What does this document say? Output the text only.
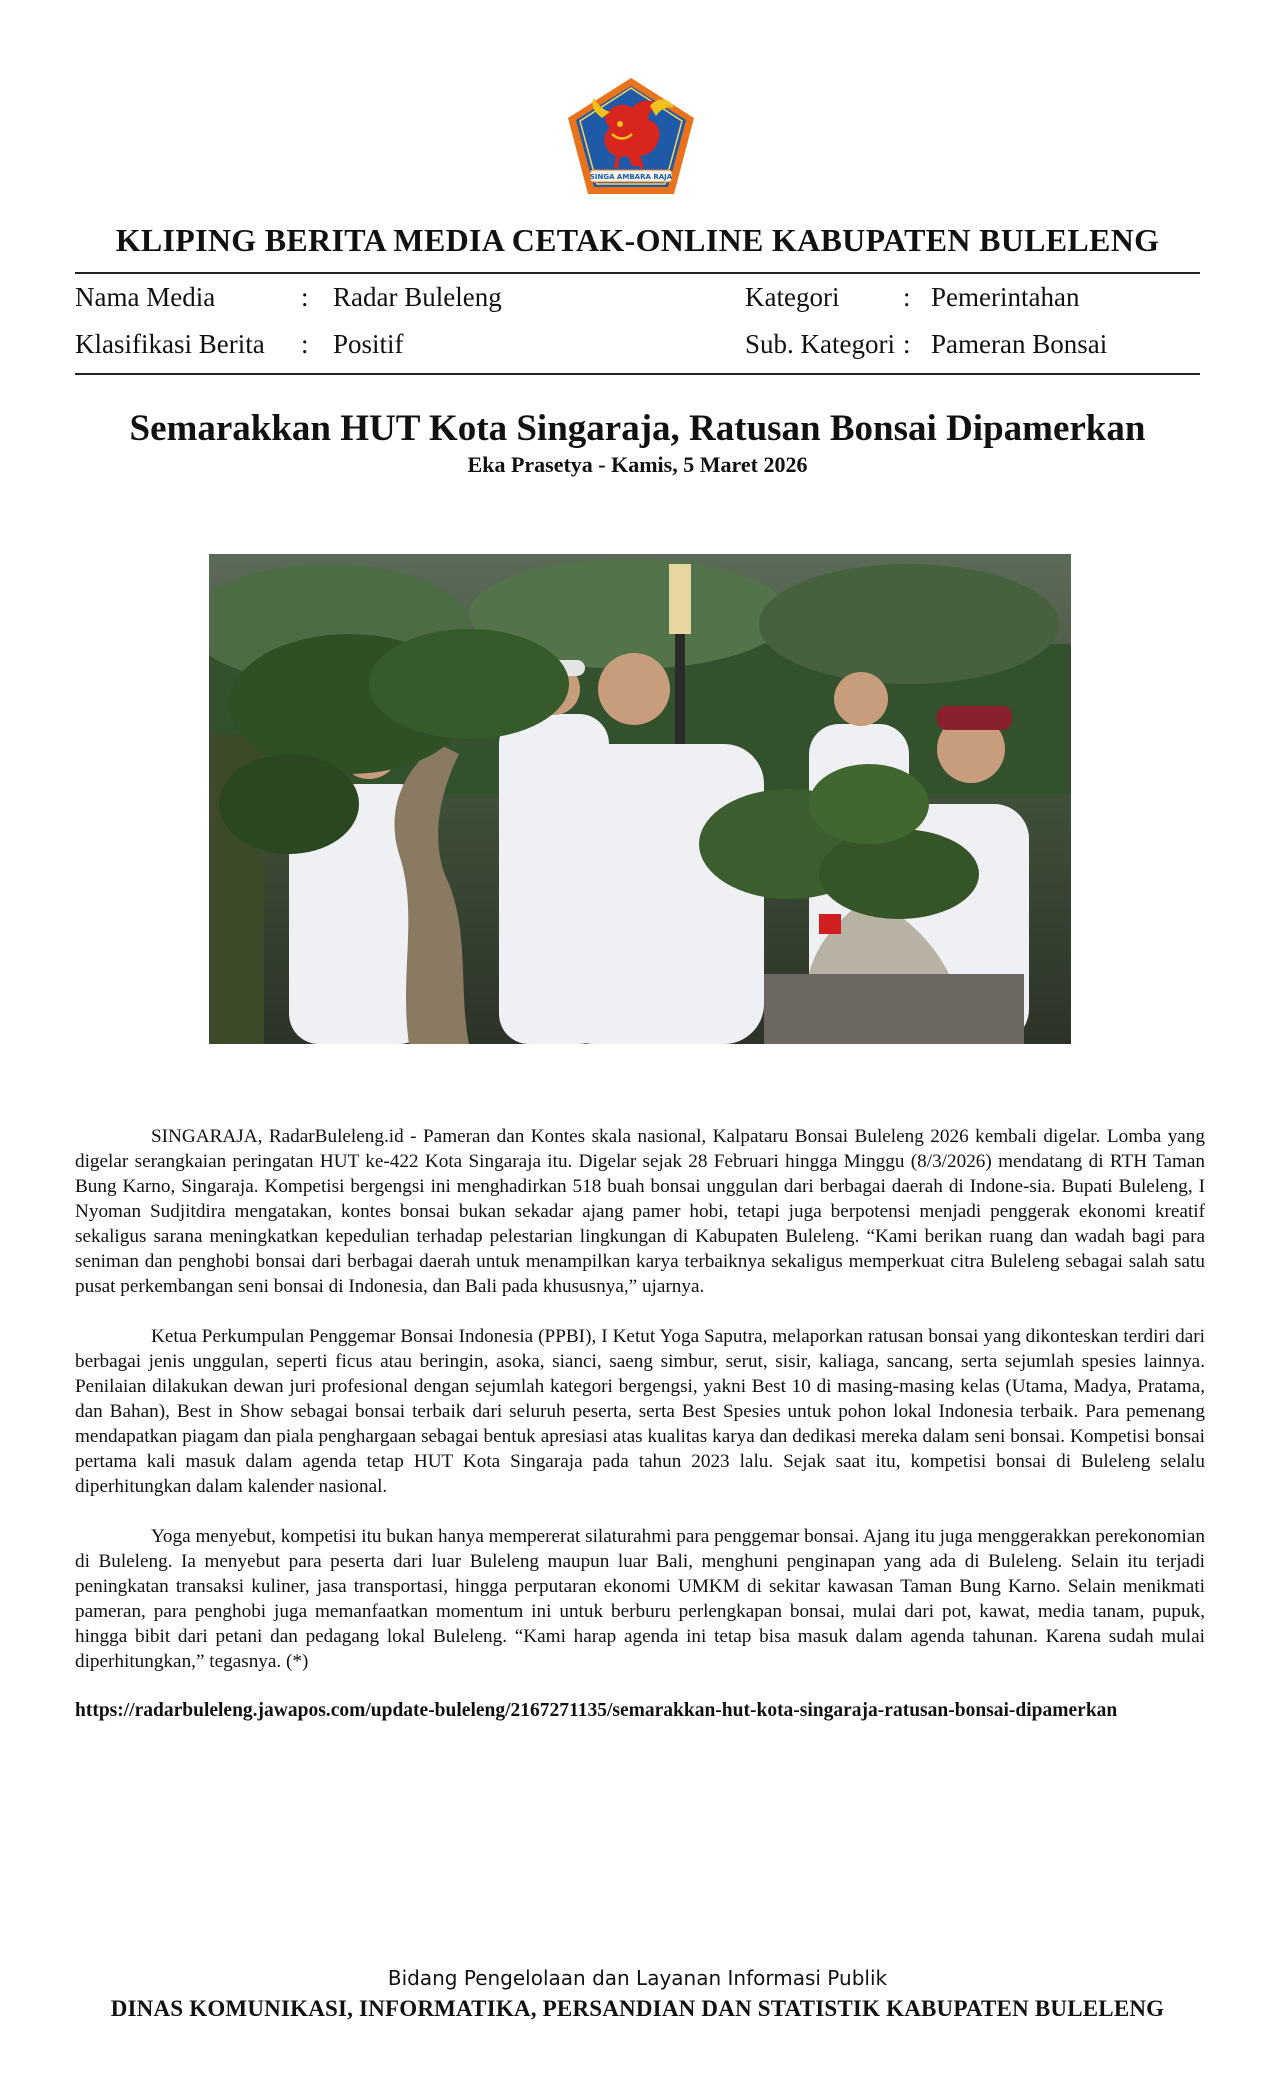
SINGA AMBARA RAJA
KLIPING BERITA MEDIA CETAK-ONLINE KABUPATEN BULELENG
Nama Media	: Radar Buleleng	Kategori : Pemerintahan
Klasifikasi Berita : Positif	Sub. Kategori : Pameran Bonsai
Semarakkan HUT Kota Singaraja, Ratusan Bonsai Dipamerkan
Eka Prasetya - Kamis, 5 Maret 2026

SINGARAJA, RadarBuleleng.id - Pameran dan Kontes skala nasional, Kalpataru Bonsai Buleleng 2026 kembali digelar. Lomba yang digelar serangkaian peringatan HUT ke-422 Kota Singaraja itu. Digelar sejak 28 Februari hingga Minggu (8/3/2026) mendatang di RTH Taman Bung Karno, Singaraja. Kompetisi bergengsi ini menghadirkan 518 buah bonsai unggulan dari berbagai daerah di Indone-sia. Bupati Buleleng, I Nyoman Sudjitdira mengatakan, kontes bonsai bukan sekadar ajang pamer hobi, tetapi juga berpotensi menjadi penggerak ekonomi kreatif sekaligus sarana meningkatkan kepedulian terhadap pelestarian lingkungan di Kabupaten Buleleng. “Kami berikan ruang dan wadah bagi para seniman dan penghobi bonsai dari berbagai daerah untuk menampilkan karya terbaiknya sekaligus memperkuat citra Buleleng sebagai salah satu pusat perkembangan seni bonsai di Indonesia, dan Bali pada khususnya,” ujarnya.

Ketua Perkumpulan Penggemar Bonsai Indonesia (PPBI), I Ketut Yoga Saputra, melaporkan ratusan bonsai yang dikonteskan terdiri dari berbagai jenis unggulan, seperti ficus atau beringin, asoka, sianci, saeng simbur, serut, sisir, kaliaga, sancang, serta sejumlah spesies lainnya. Penilaian dilakukan dewan juri profesional dengan sejumlah kategori bergengsi, yakni Best 10 di masing-masing kelas (Utama, Madya, Pratama, dan Bahan), Best in Show sebagai bonsai terbaik dari seluruh peserta, serta Best Spesies untuk pohon lokal Indonesia terbaik. Para pemenang mendapatkan piagam dan piala penghargaan sebagai bentuk apresiasi atas kualitas karya dan dedikasi mereka dalam seni bonsai. Kompetisi bonsai pertama kali masuk dalam agenda tetap HUT Kota Singaraja pada tahun 2023 lalu. Sejak saat itu, kompetisi bonsai di Buleleng selalu diperhitungkan dalam kalender nasional.

Yoga menyebut, kompetisi itu bukan hanya mempererat silaturahmi para penggemar bonsai. Ajang itu juga menggerakkan perekonomian di Buleleng. Ia menyebut para peserta dari luar Buleleng maupun luar Bali, menghuni penginapan yang ada di Buleleng. Selain itu terjadi peningkatan transaksi kuliner, jasa transportasi, hingga perputaran ekonomi UMKM di sekitar kawasan Taman Bung Karno. Selain menikmati pameran, para penghobi juga memanfaatkan momentum ini untuk berburu perlengkapan bonsai, mulai dari pot, kawat, media tanam, pupuk, hingga bibit dari petani dan pedagang lokal Buleleng. “Kami harap agenda ini tetap bisa masuk dalam agenda tahunan. Karena sudah mulai diperhitungkan,” tegasnya. (*)

https://radarbuleleng.jawapos.com/update-buleleng/2167271135/semarakkan-hut-kota-singaraja-ratusan-bonsai-dipamerkan
Bidang Pengelolaan dan Layanan Informasi Publik
DINAS KOMUNIKASI, INFORMATIKA, PERSANDIAN DAN STATISTIK KABUPATEN BULELENG
